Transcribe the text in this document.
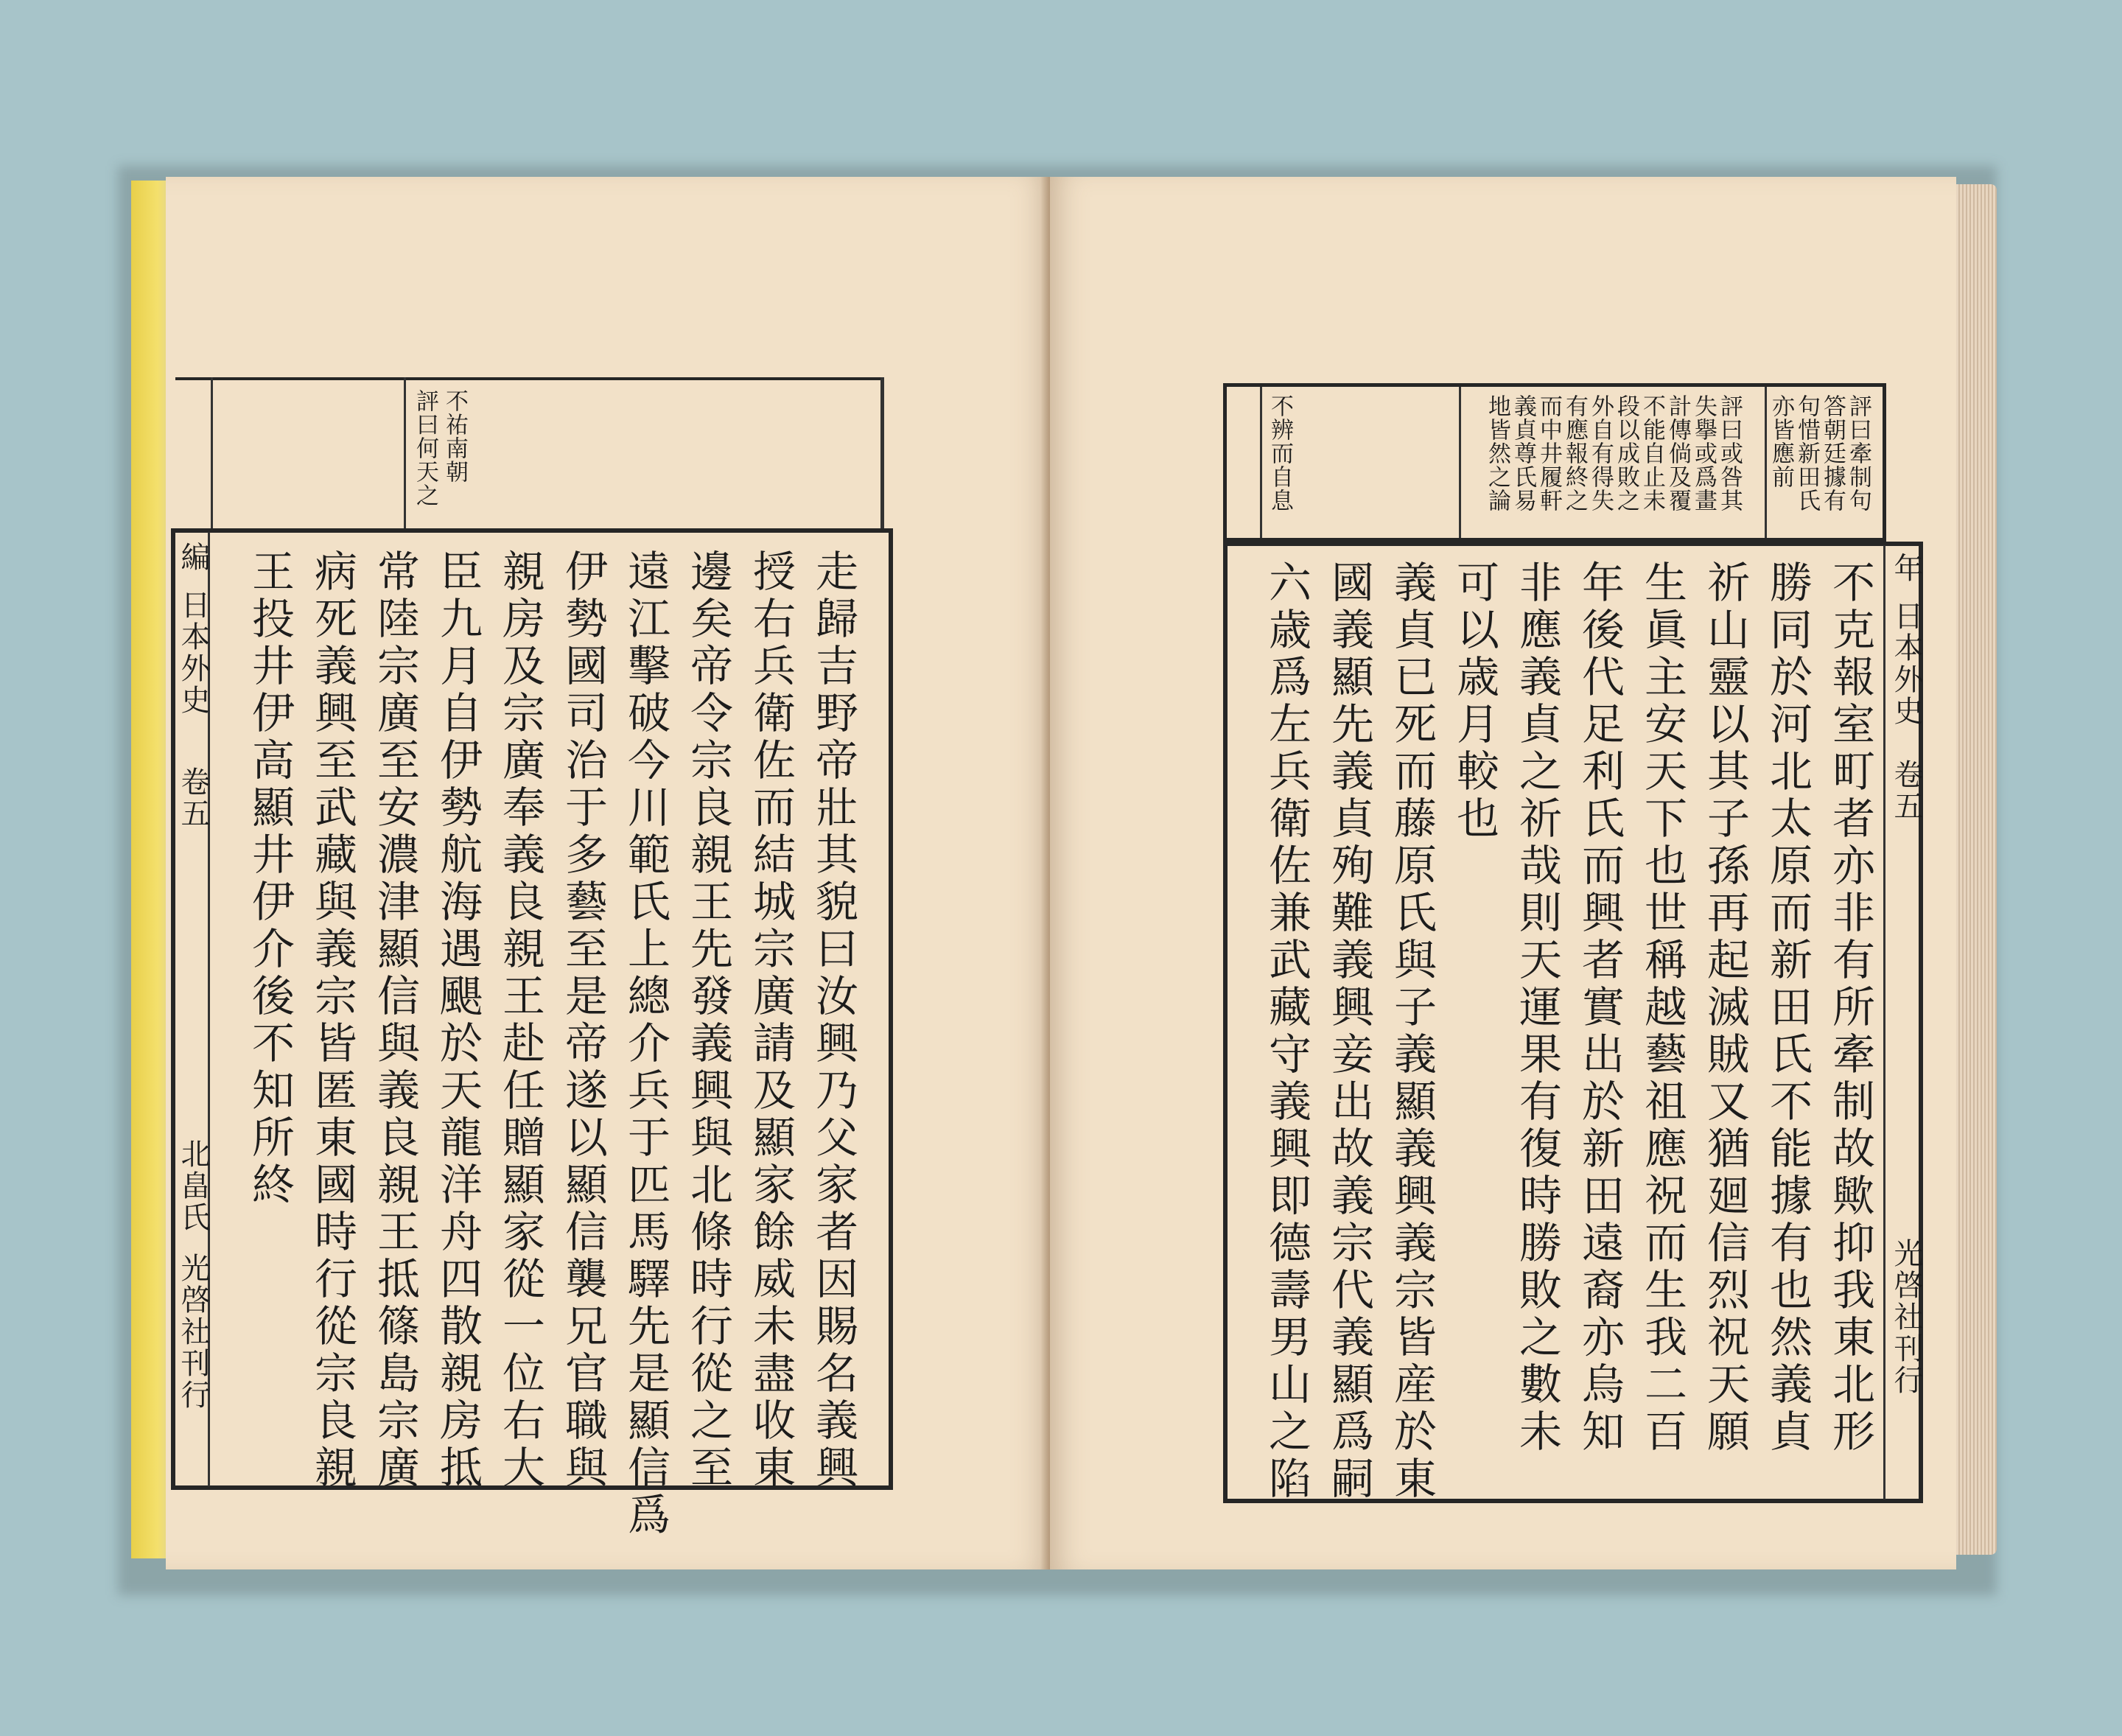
評曰何天之 不祐南朝
編
日本外史
卷五
北畠氏
光啓社刊行	走歸吉野帝壯其貌曰汝興乃父家者因賜名義興
授右兵衛佐而結城宗廣請及顯家餘威未盡收東
邊矣帝令宗良親王先發義興與北條時行從之至
遠江擊破今川範氏上總介兵于匹馬驛先是顯信爲
伊勢國司治于多藝至是帝遂以顯信襲兄官職與
親房及宗廣奉義良親王赴任贈顯家從一位右大
臣九月自伊勢航海遇颶於天龍洋舟四散親房抵
常陸宗廣至安濃津顯信與義良親王抵篠島宗廣
病死義興至武藏與義宗皆匿東國時行從宗良親
王投井伊高顯井伊介後不知所終
評曰牽制句
答朝廷據有
句惜新田氏
亦皆應前
評曰或咎其
失擧或爲畫
計傳倘及覆
不能自止未
段以成敗之
外自有得失
有應報終之
而中井履軒
義貞尊氏易
地皆然之論
不辨而自息
年
日本外史
卷五
光啓社刊行
不克報室町者亦非有所牽制故歟抑我東北形
勝同於河北太原而新田氏不能據有也然義貞
祈山靈以其子孫再起滅賊又猶廻信烈祝天願
生眞主安天下也世稱越藝祖應祝而生我二百
年後代足利氏而興者實出於新田遠裔亦烏知
非應義貞之祈哉則天運果有復時勝敗之數未
可以歳月較也
義貞已死而藤原氏與子義顯義興義宗皆産於東
國義顯先義貞殉難義興妾出故義宗代義顯爲嗣
六歳爲左兵衛佐兼武藏守義興即德壽男山之陷
